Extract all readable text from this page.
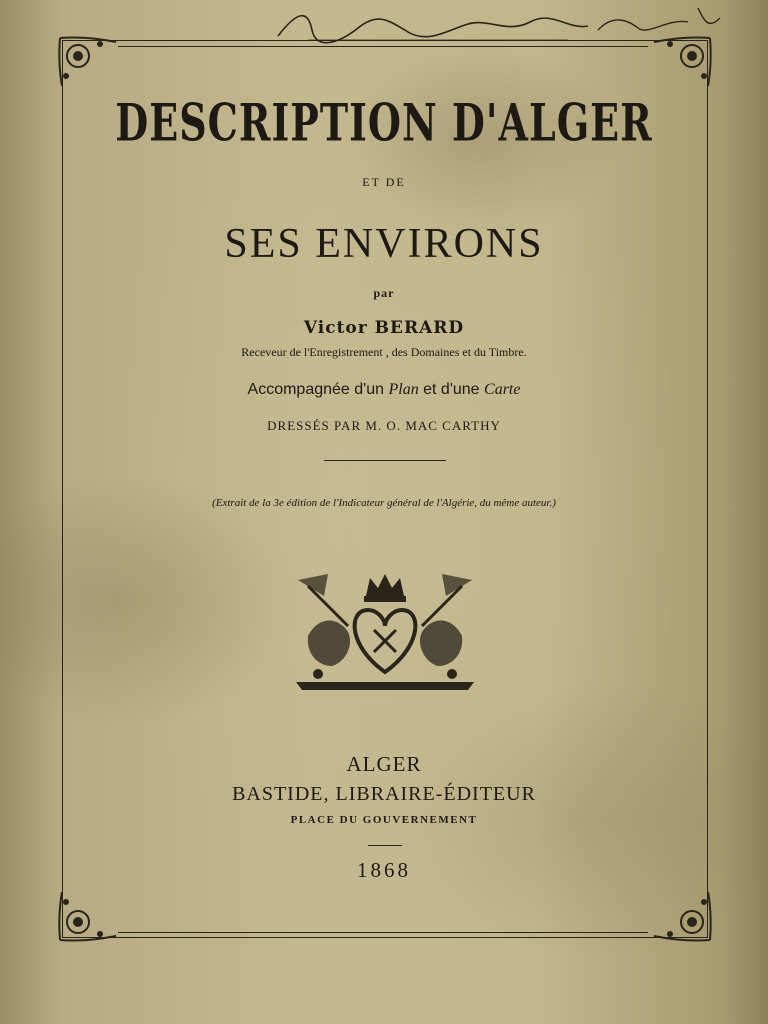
DESCRIPTION D'ALGER
ET DE
SES ENVIRONS
par
Victor BERARD
Receveur de l'Enregistrement , des Domaines et du Timbre.
Accompagnée d'un Plan et d'une Carte
DRESSÉS PAR M. O. MAC CARTHY
(Extrait de la 3e édition de l'Indicateur général de l'Algérie, du même auteur.)
ALGER
BASTIDE, LIBRAIRE-ÉDITEUR
PLACE DU GOUVERNEMENT
1868
